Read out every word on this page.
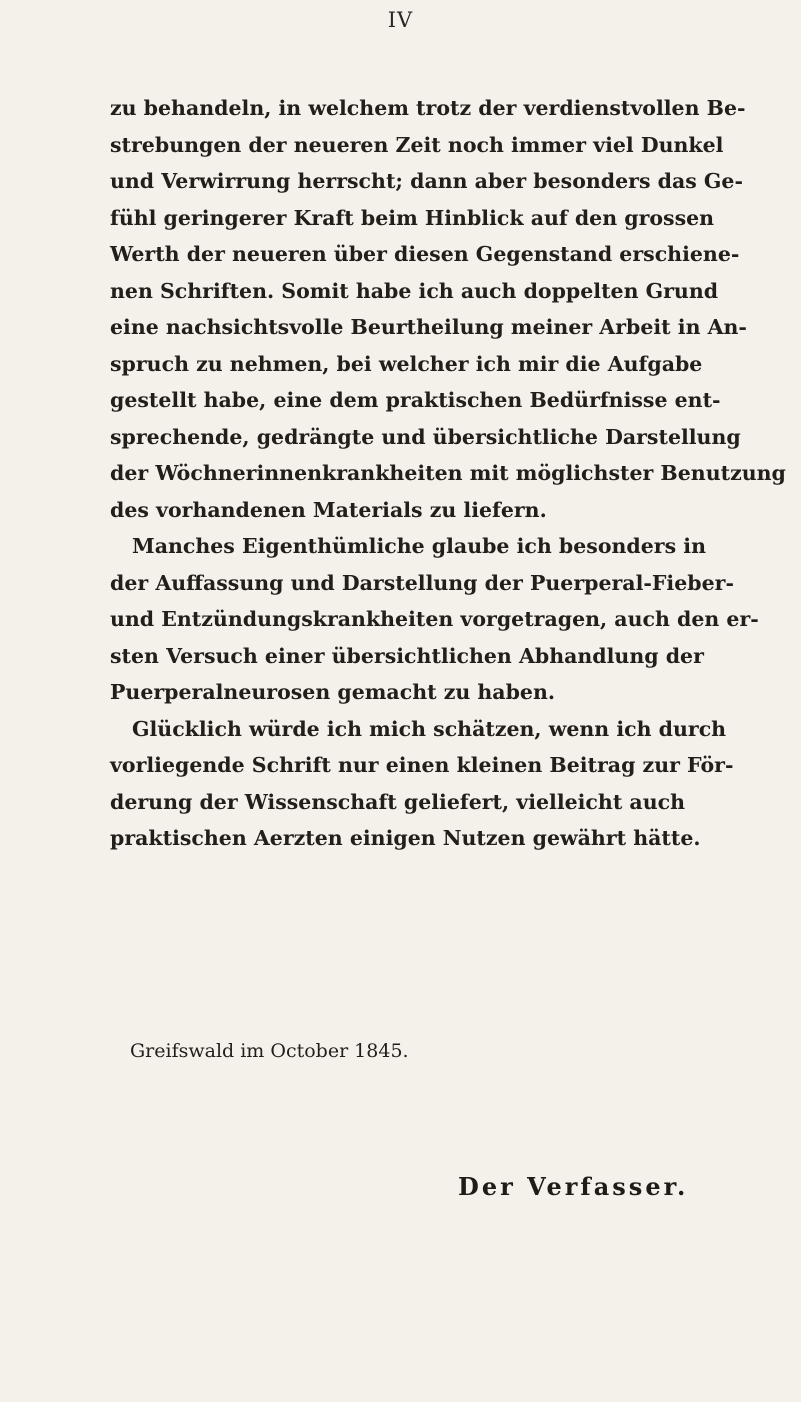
IV
zu behandeln, in welchem trotz der verdienstvollen Be-
strebungen der neueren Zeit noch immer viel Dunkel
und Verwirrung herrscht; dann aber besonders das Ge-
fühl geringerer Kraft beim Hinblick auf den grossen
Werth der neueren über diesen Gegenstand erschiene-
nen Schriften. Somit habe ich auch doppelten Grund
eine nachsichtsvolle Beurtheilung meiner Arbeit in An-
spruch zu nehmen, bei welcher ich mir die Aufgabe
gestellt habe, eine dem praktischen Bedürfnisse ent-
sprechende, gedrängte und übersichtliche Darstellung
der Wöchnerinnenkrankheiten mit möglichster Benutzung
des vorhandenen Materials zu liefern.
Manches Eigenthümliche glaube ich besonders in
der Auffassung und Darstellung der Puerperal-Fieber-
und Entzündungskrankheiten vorgetragen, auch den er-
sten Versuch einer übersichtlichen Abhandlung der
Puerperalneurosen gemacht zu haben.
Glücklich würde ich mich schätzen, wenn ich durch
vorliegende Schrift nur einen kleinen Beitrag zur För-
derung der Wissenschaft geliefert, vielleicht auch
praktischen Aerzten einigen Nutzen gewährt hätte.
Greifswald im October 1845.
Der Verfasser.
